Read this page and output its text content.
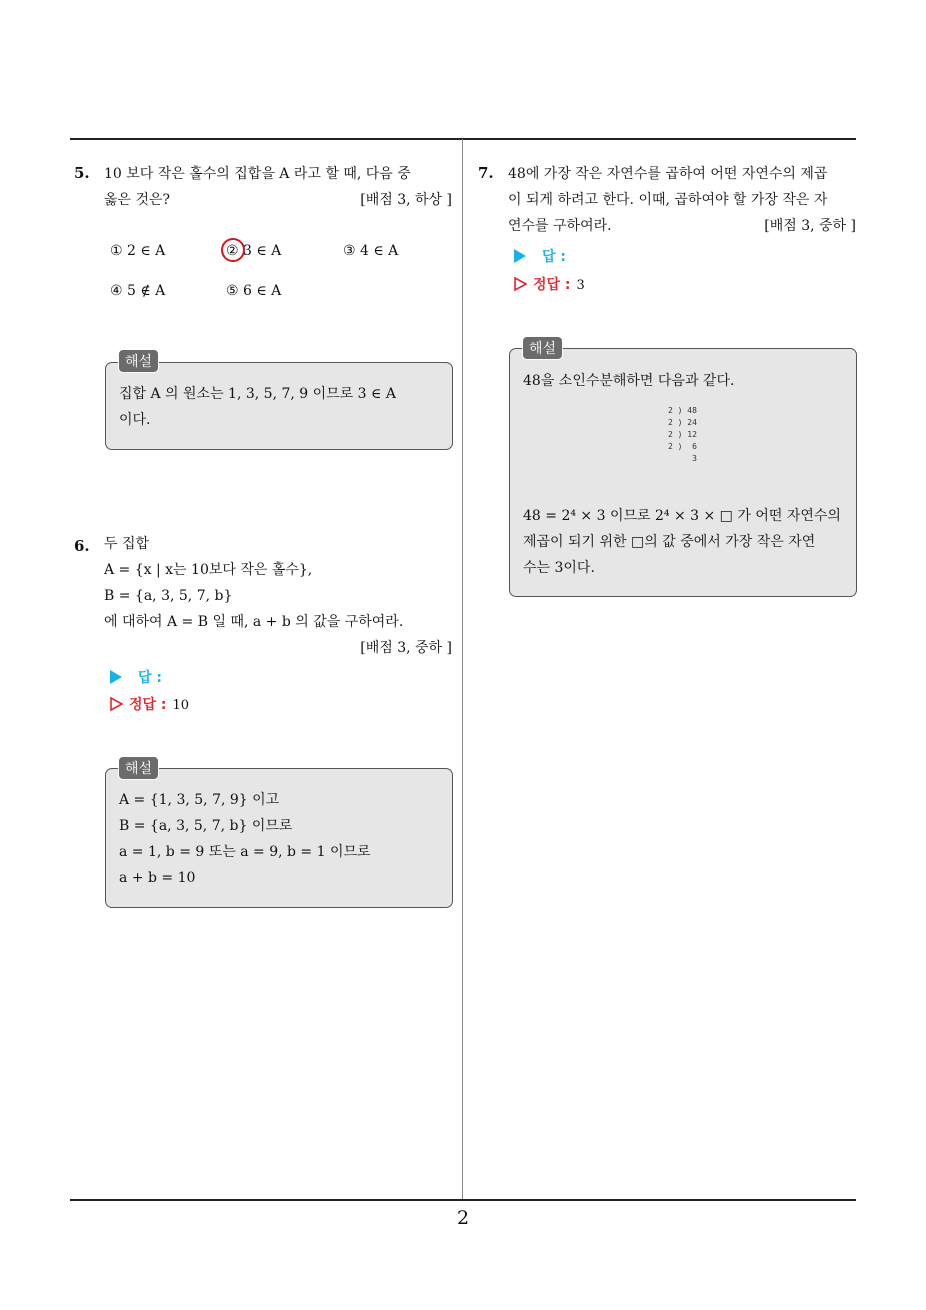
2
5. 10 보다 작은 홀수의 집합을 A 라고 할 때, 다음 중
옳은 것은?	[배점 3, 하상 ]
① 2 ∈ A	② 3 ∈ A	③ 4 ∈ A
④ 5 ∉ A	⑤ 6 ∈ A
집합 A 의 원소는 1, 3, 5, 7, 9 이므로 3 ∈ A
이다.
해설
6. 두 집합
A = {x | x는 10보다 작은 홀수},
B = {a, 3, 5, 7, b}
에 대하여 A = B 일 때, a + b 의 값을 구하여라.
[배점 3, 중하 ]
답 :
정답 : 10
A = {1, 3, 5, 7, 9} 이고
B = {a, 3, 5, 7, b} 이므로
a = 1, b = 9 또는 a = 9, b = 1 이므로
a + b = 10
해설
7. 48에 가장 작은 자연수를 곱하여 어떤 자연수의 제곱
이 되게 하려고 한다. 이때, 곱하여야 할 가장 작은 자
연수를 구하여라.	[배점 3, 중하 ]
답 :
정답 : 3
48을 소인수분해하면 다음과 같다.
2 ) 48
2 ) 24
2 ) 12
2 )  6
3
48 = 2⁴ × 3 이므로 2⁴ × 3 × □ 가 어떤 자연수의
제곱이 되기 위한 □의 값 중에서 가장 작은 자연
수는 3이다.
해설
